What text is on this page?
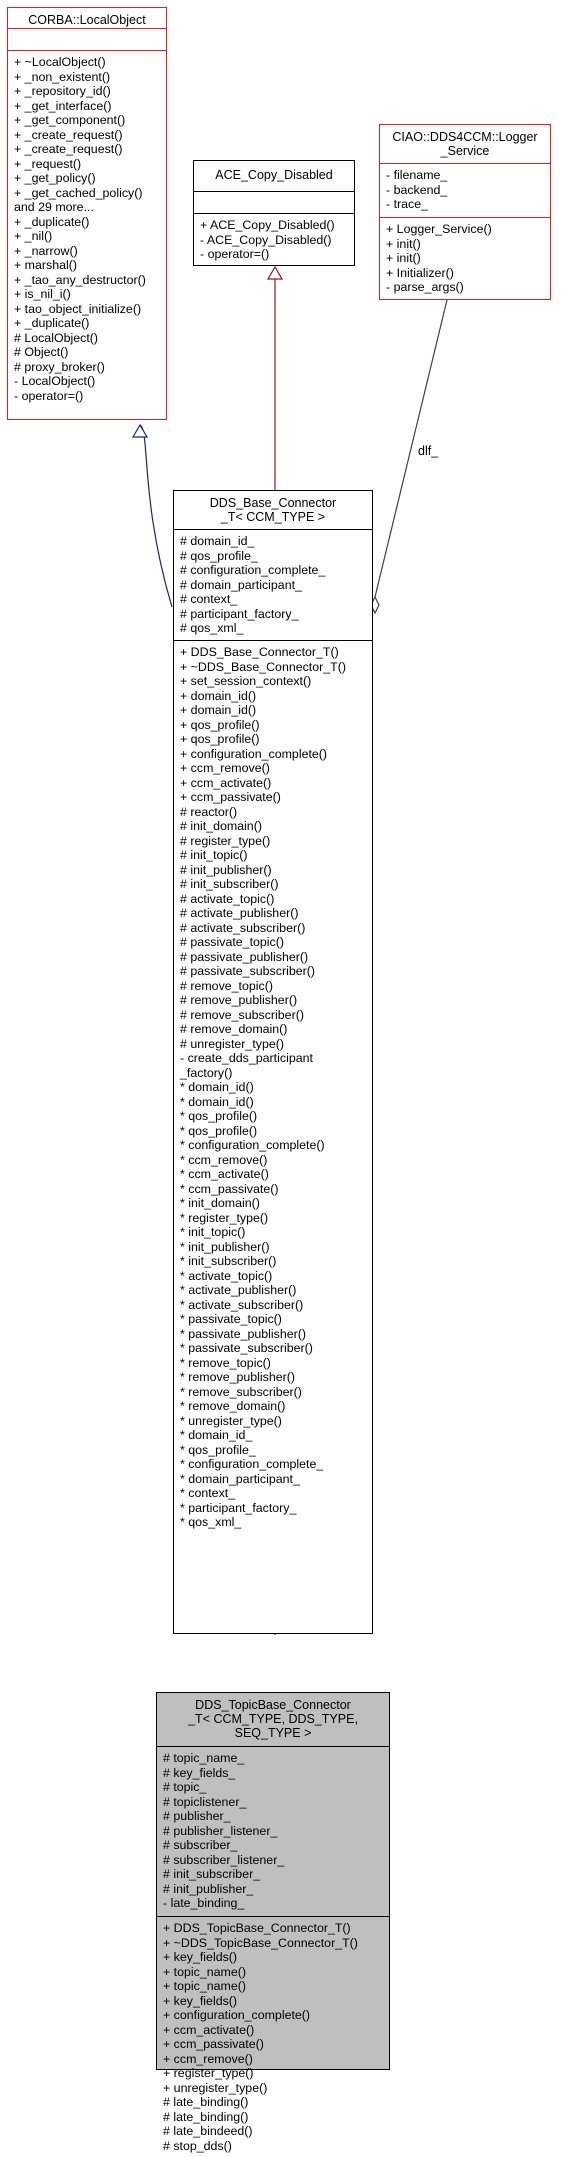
dlf_
CORBA::LocalObject
+ ~LocalObject()
+ _non_existent()
+ _repository_id()
+ _get_interface()
+ _get_component()
+ _create_request()
+ _create_request()
+ _request()
+ _get_policy()
+ _get_cached_policy()
and 29 more...
+ _duplicate()
+ _nil()
+ _narrow()
+ marshal()
+ _tao_any_destructor()
+ is_nil_i()
+ tao_object_initialize()
+ _duplicate()
# LocalObject()
# Object()
# proxy_broker()
- LocalObject()
- operator=()
ACE_Copy_Disabled
+ ACE_Copy_Disabled()
- ACE_Copy_Disabled()
- operator=()
CIAO::DDS4CCM::Logger
_Service
- filename_
- backend_
- trace_
+ Logger_Service()
+ init()
+ init()
+ Initializer()
- parse_args()
DDS_Base_Connector
_T< CCM_TYPE >
# domain_id_
# qos_profile_
# configuration_complete_
# domain_participant_
# context_
# participant_factory_
# qos_xml_
+ DDS_Base_Connector_T()
+ ~DDS_Base_Connector_T()
+ set_session_context()
+ domain_id()
+ domain_id()
+ qos_profile()
+ qos_profile()
+ configuration_complete()
+ ccm_remove()
+ ccm_activate()
+ ccm_passivate()
# reactor()
# init_domain()
# register_type()
# init_topic()
# init_publisher()
# init_subscriber()
# activate_topic()
# activate_publisher()
# activate_subscriber()
# passivate_topic()
# passivate_publisher()
# passivate_subscriber()
# remove_topic()
# remove_publisher()
# remove_subscriber()
# remove_domain()
# unregister_type()
- create_dds_participant
_factory()
* domain_id()
* domain_id()
* qos_profile()
* qos_profile()
* configuration_complete()
* ccm_remove()
* ccm_activate()
* ccm_passivate()
* init_domain()
* register_type()
* init_topic()
* init_publisher()
* init_subscriber()
* activate_topic()
* activate_publisher()
* activate_subscriber()
* passivate_topic()
* passivate_publisher()
* passivate_subscriber()
* remove_topic()
* remove_publisher()
* remove_subscriber()
* remove_domain()
* unregister_type()
* domain_id_
* qos_profile_
* configuration_complete_
* domain_participant_
* context_
* participant_factory_
* qos_xml_
DDS_TopicBase_Connector
_T< CCM_TYPE, DDS_TYPE,
SEQ_TYPE >
# topic_name_
# key_fields_
# topic_
# topiclistener_
# publisher_
# publisher_listener_
# subscriber_
# subscriber_listener_
# init_subscriber_
# init_publisher_
- late_binding_
+ DDS_TopicBase_Connector_T()
+ ~DDS_TopicBase_Connector_T()
+ key_fields()
+ topic_name()
+ topic_name()
+ key_fields()
+ configuration_complete()
+ ccm_activate()
+ ccm_passivate()
+ ccm_remove()
+ register_type()
+ unregister_type()
# late_binding()
# late_binding()
# late_bindeed()
# stop_dds()
